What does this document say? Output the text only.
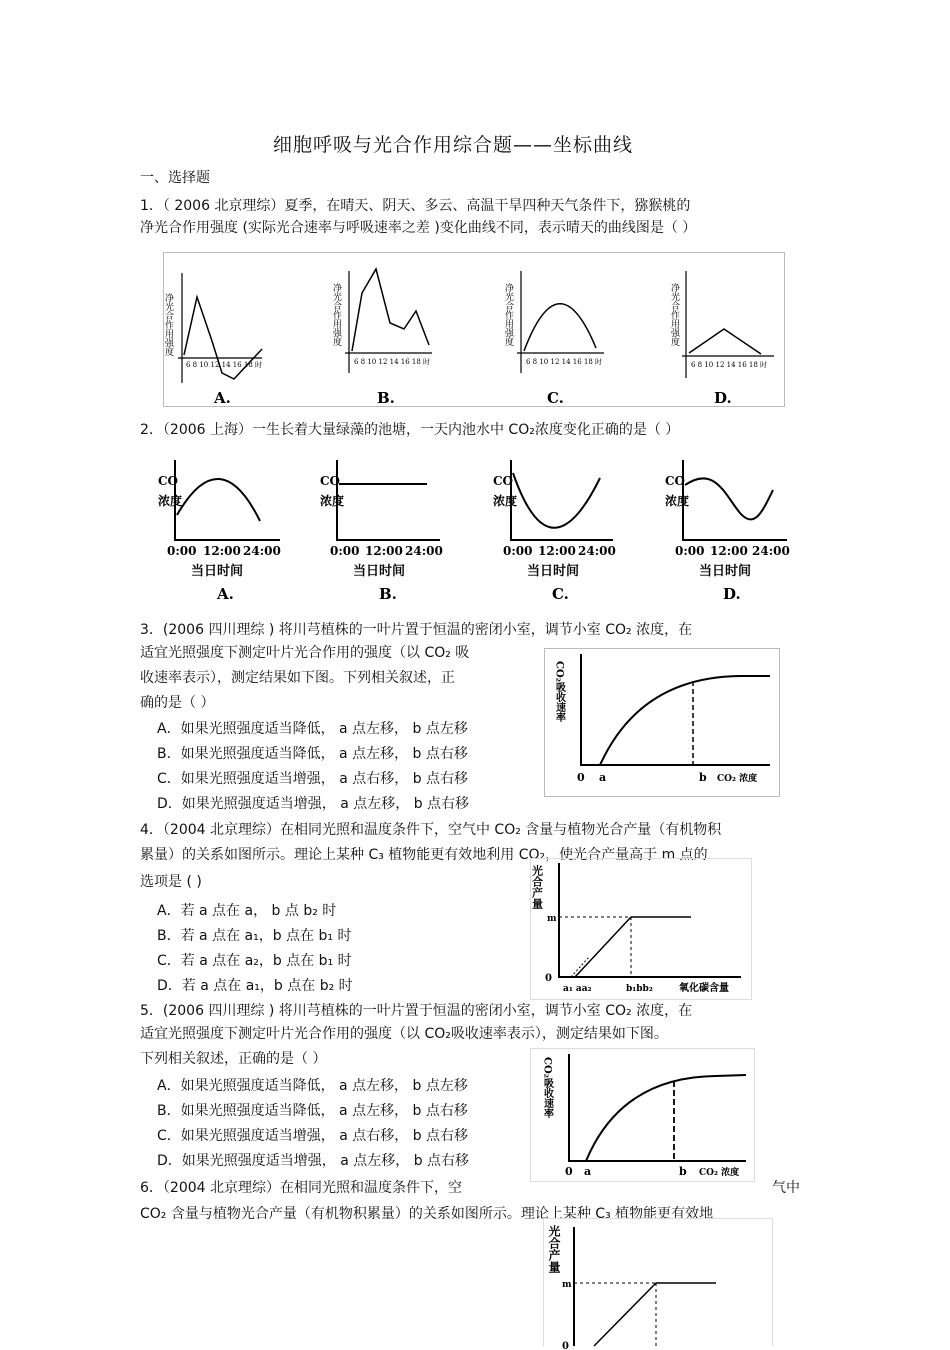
细胞呼吸与光合作用综合题——坐标曲线
一、选择题
1．（ 2006 北京理综）夏季，在晴天、阴天、多云、高温干旱四种天气条件下，猕猴桃的
净光合作用强度 (实际光合速率与呼吸速率之差 )变化曲线不同，表示晴天的曲线图是（ ）
6 8 10 12 14 16 18 时
A.
6 8 10 12 14 16 18 时
B.
6 8 10 12 14 16 18 时
C.
6 8 10 12 14 16 18 时
D.
净光合作用强度	净光合作用强度	净光合作用强度	净光合作用强度
2．（2006 上海）一生长着大量绿藻的池塘，一天内池水中 CO₂浓度变化正确的是（ ）
CO	CO	CO	CO
浓度	浓度	浓度	浓度
0:00 12:00 24:00	0:00 12:00 24:00	0:00 12:00 24:00	0:00 12:00 24:00
当日时间	当日时间	当日时间	当日时间
A.	B.	C.	D.
3．(2006 四川理综 ) 将川芎植株的一叶片置于恒温的密闭小室，调节小室 CO₂ 浓度，在
适宜光照强度下测定叶片光合作用的强度（以 CO₂ 吸
收速率表示），测定结果如下图。下列相关叙述，正
确的是（ ）
A．如果光照强度适当降低， a 点左移， b 点左移
B．如果光照强度适当降低， a 点左移， b 点右移
C．如果光照强度适当增强， a 点右移， b 点右移
D．如果光照强度适当增强， a 点左移， b 点右移
CO₂吸收速率
0 a	b CO₂ 浓度
4．（2004 北京理综）在相同光照和温度条件下，空气中 CO₂ 含量与植物光合产量（有机物积
累量）的关系如图所示。理论上某种 C₃ 植物能更有效地利用 CO₂，使光合产量高于 m 点的
选项是 ( )
A．若 a 点在 a， b 点 b₂ 时
B．若 a 点在 a₁，b 点在 b₁ 时
C．若 a 点在 a₂，b 点在 b₁ 时
D．若 a 点在 a₁，b 点在 b₂ 时
光合产量
m
0
a₁ aa₂	b₁bb₂	氧化碳含量
5．(2006 四川理综 ) 将川芎植株的一叶片置于恒温的密闭小室，调节小室 CO₂ 浓度，在
适宜光照强度下测定叶片光合作用的强度（以 CO₂吸收速率表示），测定结果如下图。
下列相关叙述，正确的是（ ）
A．如果光照强度适当降低， a 点左移， b 点左移
B．如果光照强度适当降低， a 点左移， b 点右移
C．如果光照强度适当增强， a 点右移， b 点右移
D．如果光照强度适当增强， a 点左移， b 点右移
CO₂吸收速率
0 a	b CO₂ 浓度
6．（2004 北京理综）在相同光照和温度条件下，空	气中
CO₂ 含量与植物光合产量（有机物积累量）的关系如图所示。理论上某种 C₃ 植物能更有效地
光合产量
m
0
